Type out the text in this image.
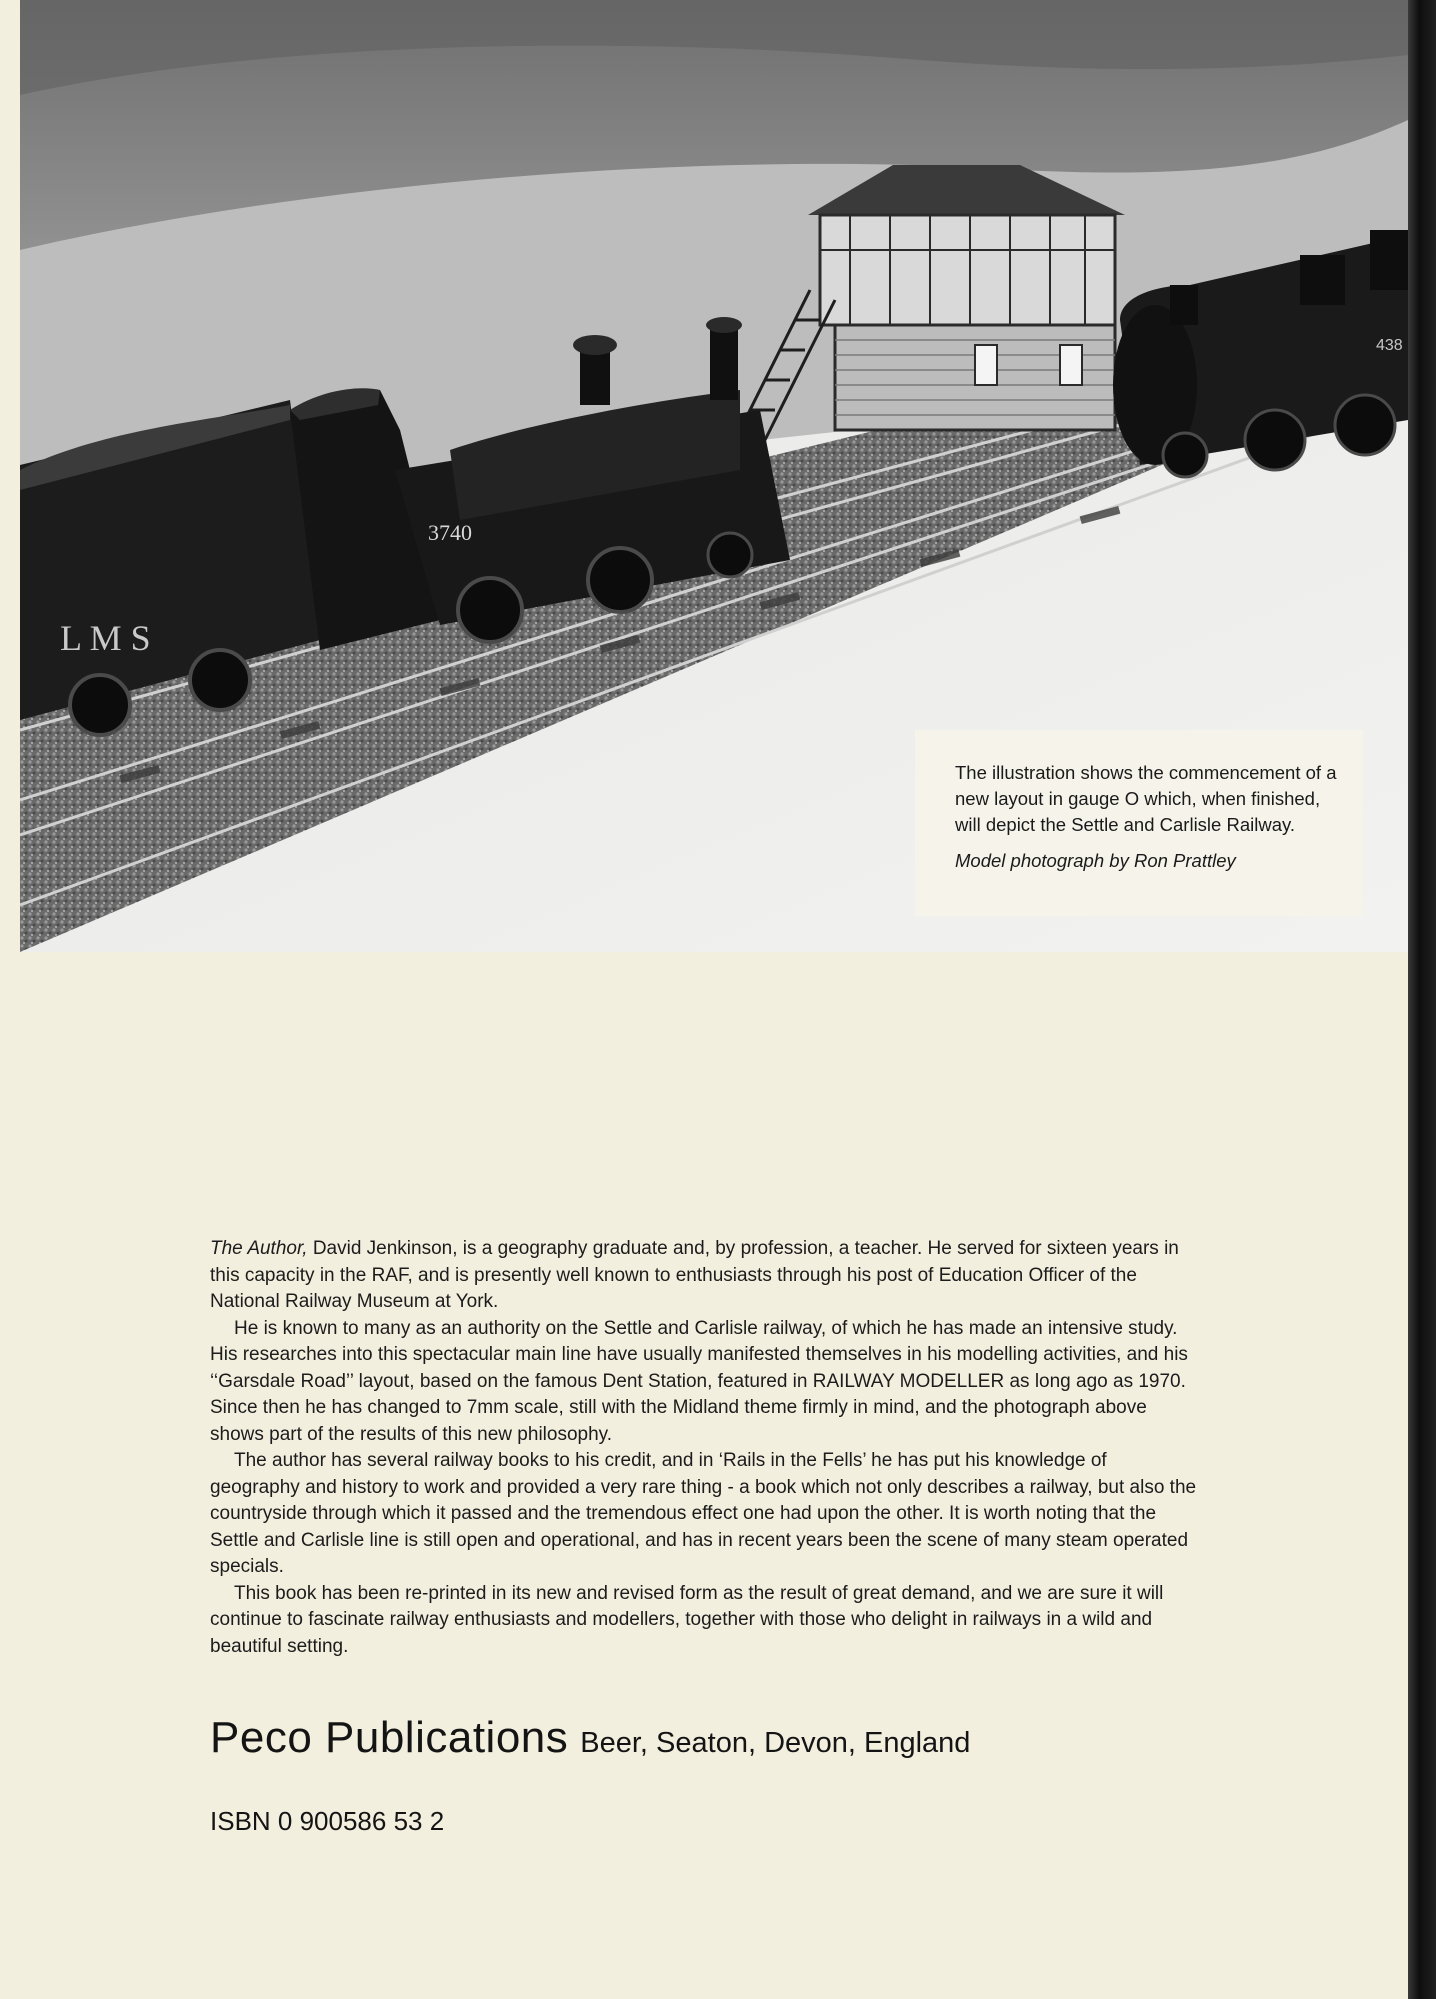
L M S
3740
438

The illustration shows the commencement of a new layout in gauge O which, when finished, will depict the Settle and Carlisle Railway.

Model photograph by Ron Prattley

The Author, David Jenkinson, is a geography graduate and, by profession, a teacher. He served for sixteen years in this capacity in the RAF, and is presently well known to enthusiasts through his post of Education Officer of the National Railway Museum at York.

He is known to many as an authority on the Settle and Carlisle railway, of which he has made an intensive study. His researches into this spectacular main line have usually manifested themselves in his modelling activities, and his ‘‘Garsdale Road’’ layout, based on the famous Dent Station, featured in RAILWAY MODELLER as long ago as 1970. Since then he has changed to 7mm scale, still with the Midland theme firmly in mind, and the photograph above shows part of the results of this new philosophy.

The author has several railway books to his credit, and in ‘Rails in the Fells’ he has put his knowledge of geography and history to work and provided a very rare thing - a book which not only describes a railway, but also the countryside through which it passed and the tremendous effect one had upon the other. It is worth noting that the Settle and Carlisle line is still open and operational, and has in recent years been the scene of many steam operated specials.

This book has been re-printed in its new and revised form as the result of great demand, and we are sure it will continue to fascinate railway enthusiasts and modellers, together with those who delight in railways in a wild and beautiful setting.

Peco Publications Beer, Seaton, Devon, England
ISBN 0 900586 53 2
